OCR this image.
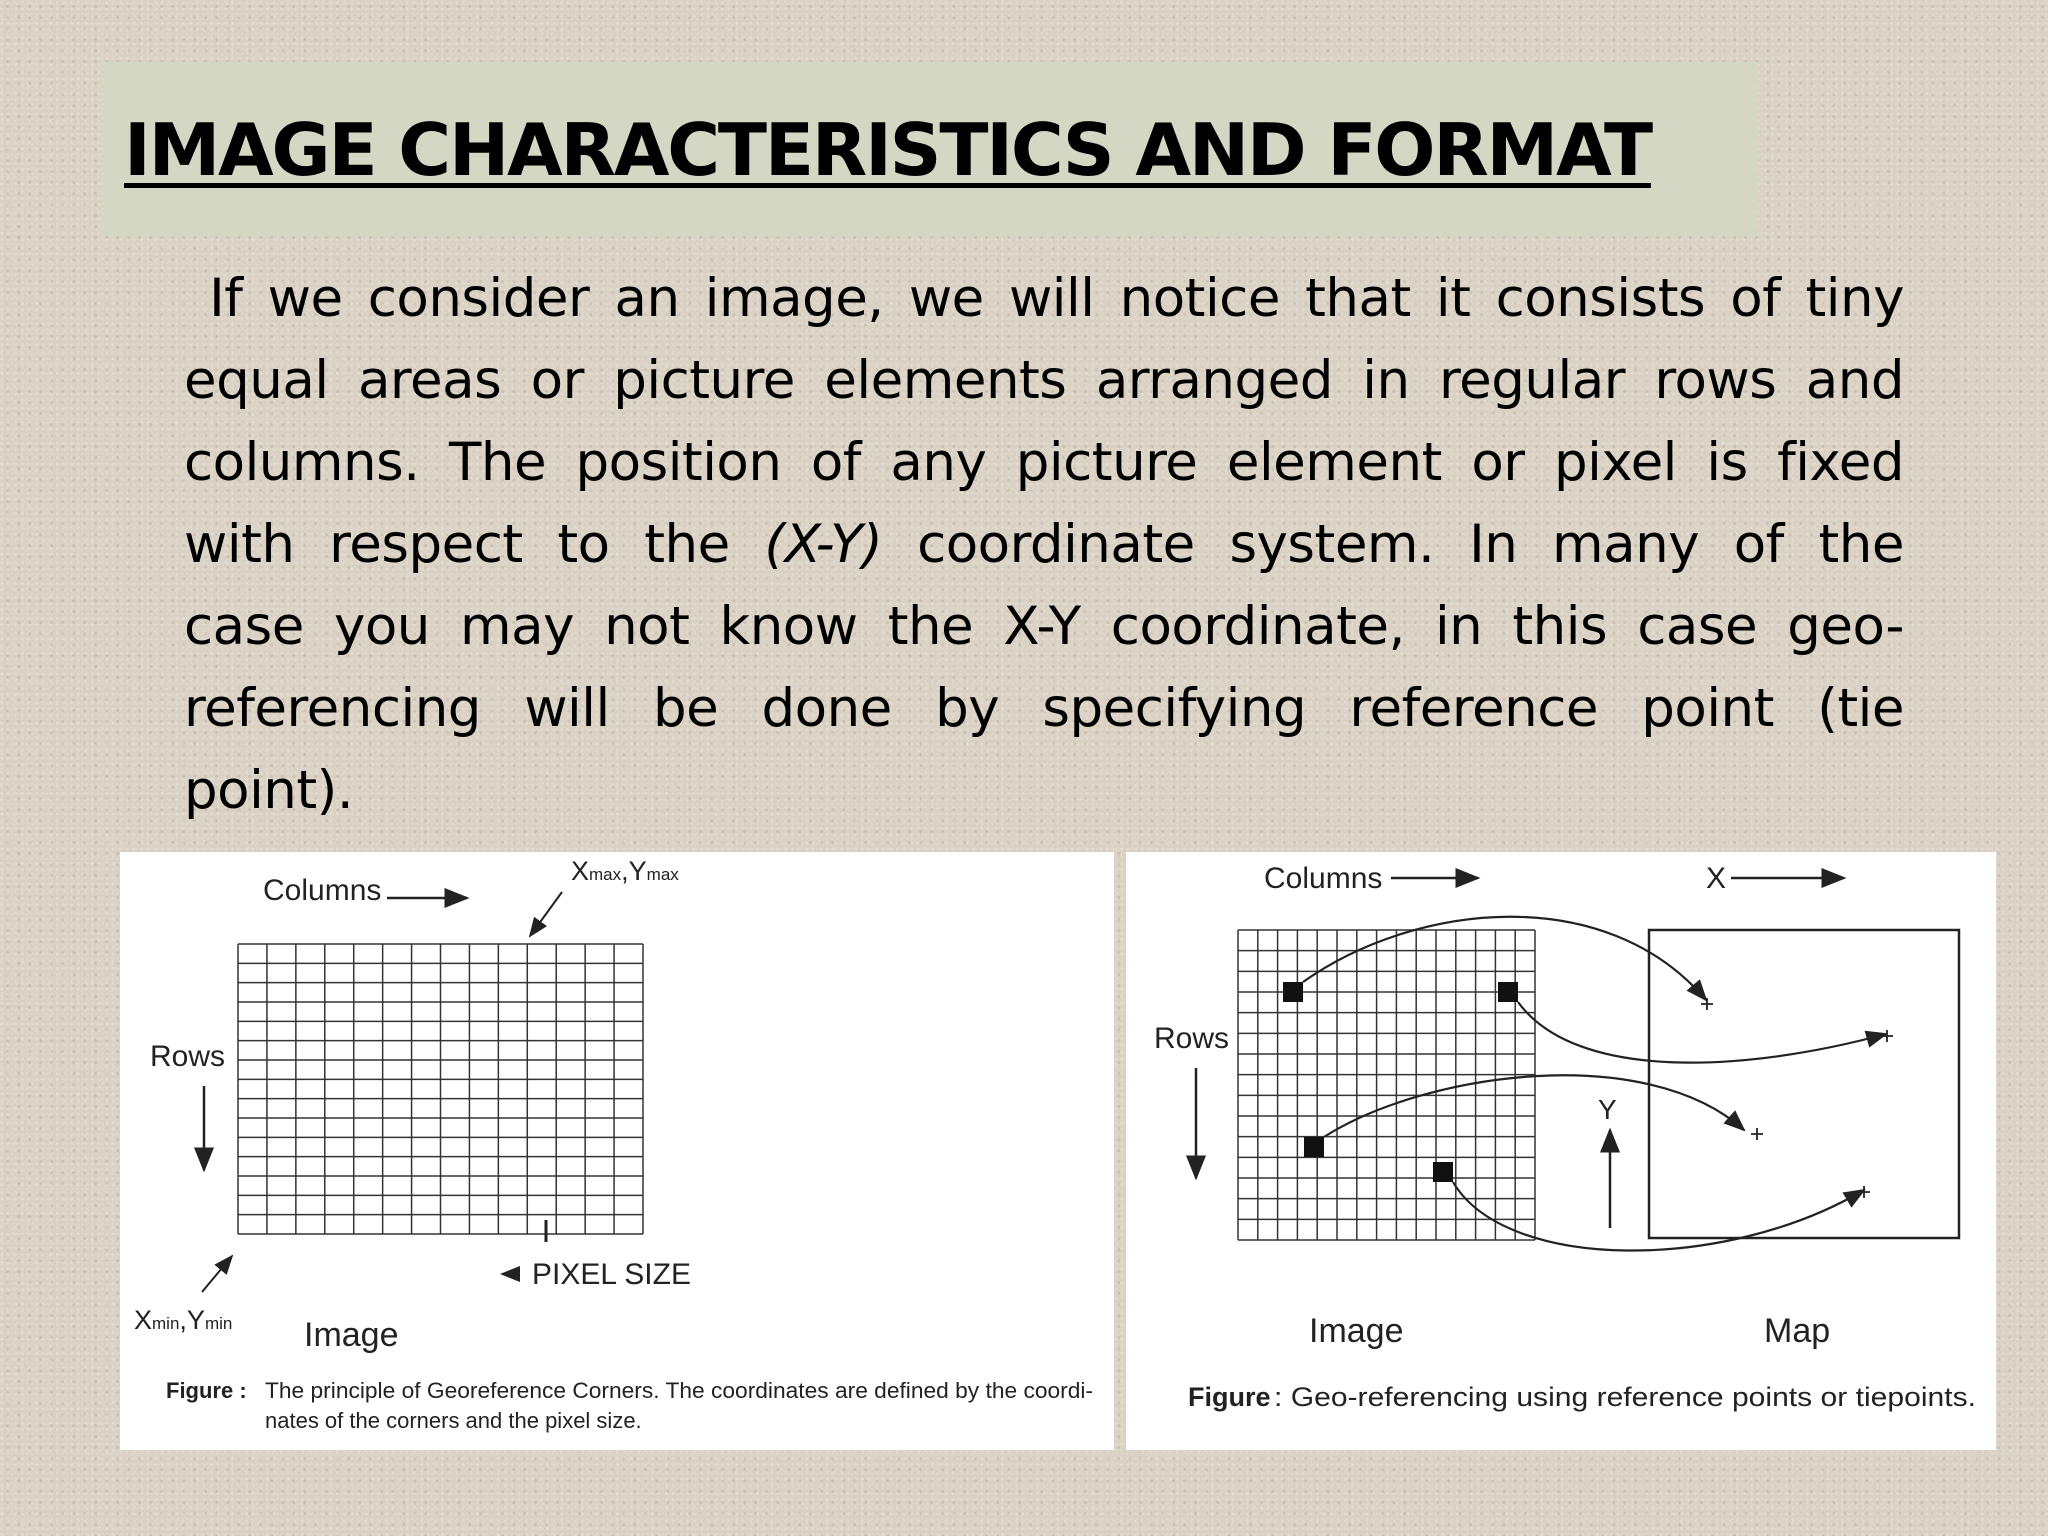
IMAGE CHARACTERISTICS AND FORMAT
If we consider an image, we will notice that it consists of tiny
equal areas or picture elements arranged in regular rows and
columns. The position of any picture element or pixel is fixed
with respect to the (X-Y) coordinate system. In many of the
case you may not know the X-Y coordinate, in this case geo-
referencing will be done by specifying reference point (tie
point).
Columns
Xmax,Ymax
Rows
PIXEL SIZE
Xmin,Ymin Image
Figure : The principle of Georeference Corners. The coordinates are defined by the coordi-
nates of the corners and the pixel size.
Columns	X
Rows
Y
Image	Map
Figure : Geo-referencing using reference points or tiepoints.
